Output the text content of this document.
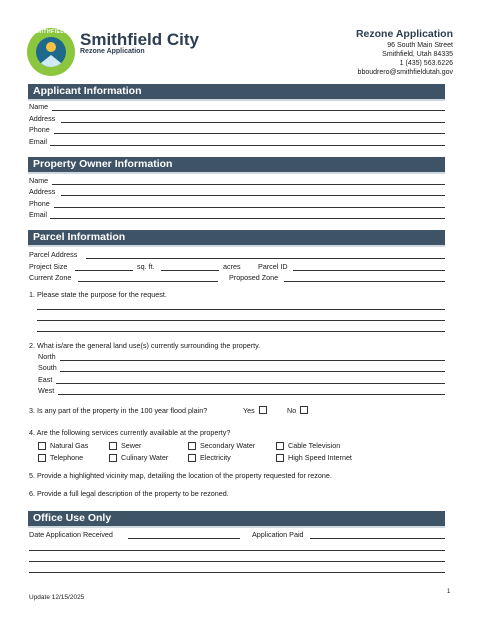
SMITHFIELD Smithfield City
Rezone Application
Rezone Application
96 South Main Street
Smithfield, Utah 84335
1 (435) 563.6226
bboudrero@smithfieldutah.gov
Applicant Information
Name
Address
Phone
Email
Property Owner Information
Name
Address
Phone
Email
Parcel Information
Parcel Address
Project Size	sq. ft.	acres Parcel ID
Current Zone	Proposed Zone
1. Please state the purpose for the request.
2. What is/are the general land use(s) currently surrounding the property.
North
South
East
West
3. Is any part of the property in the 100 year flood plain?	Yes	No
4. Are the following services currently available at the property?
Natural Gas	Sewer	Secondary Water	Cable Television
Telephone	Culinary Water	Electricity	High Speed Internet
5. Provide a highlighted vicinity map, detailing the location of the property requested for rezone.
6. Provide a full legal description of the property to be rezoned.
Office Use Only
Date Application Received	Application Paid
1
Update 12/15/2025
